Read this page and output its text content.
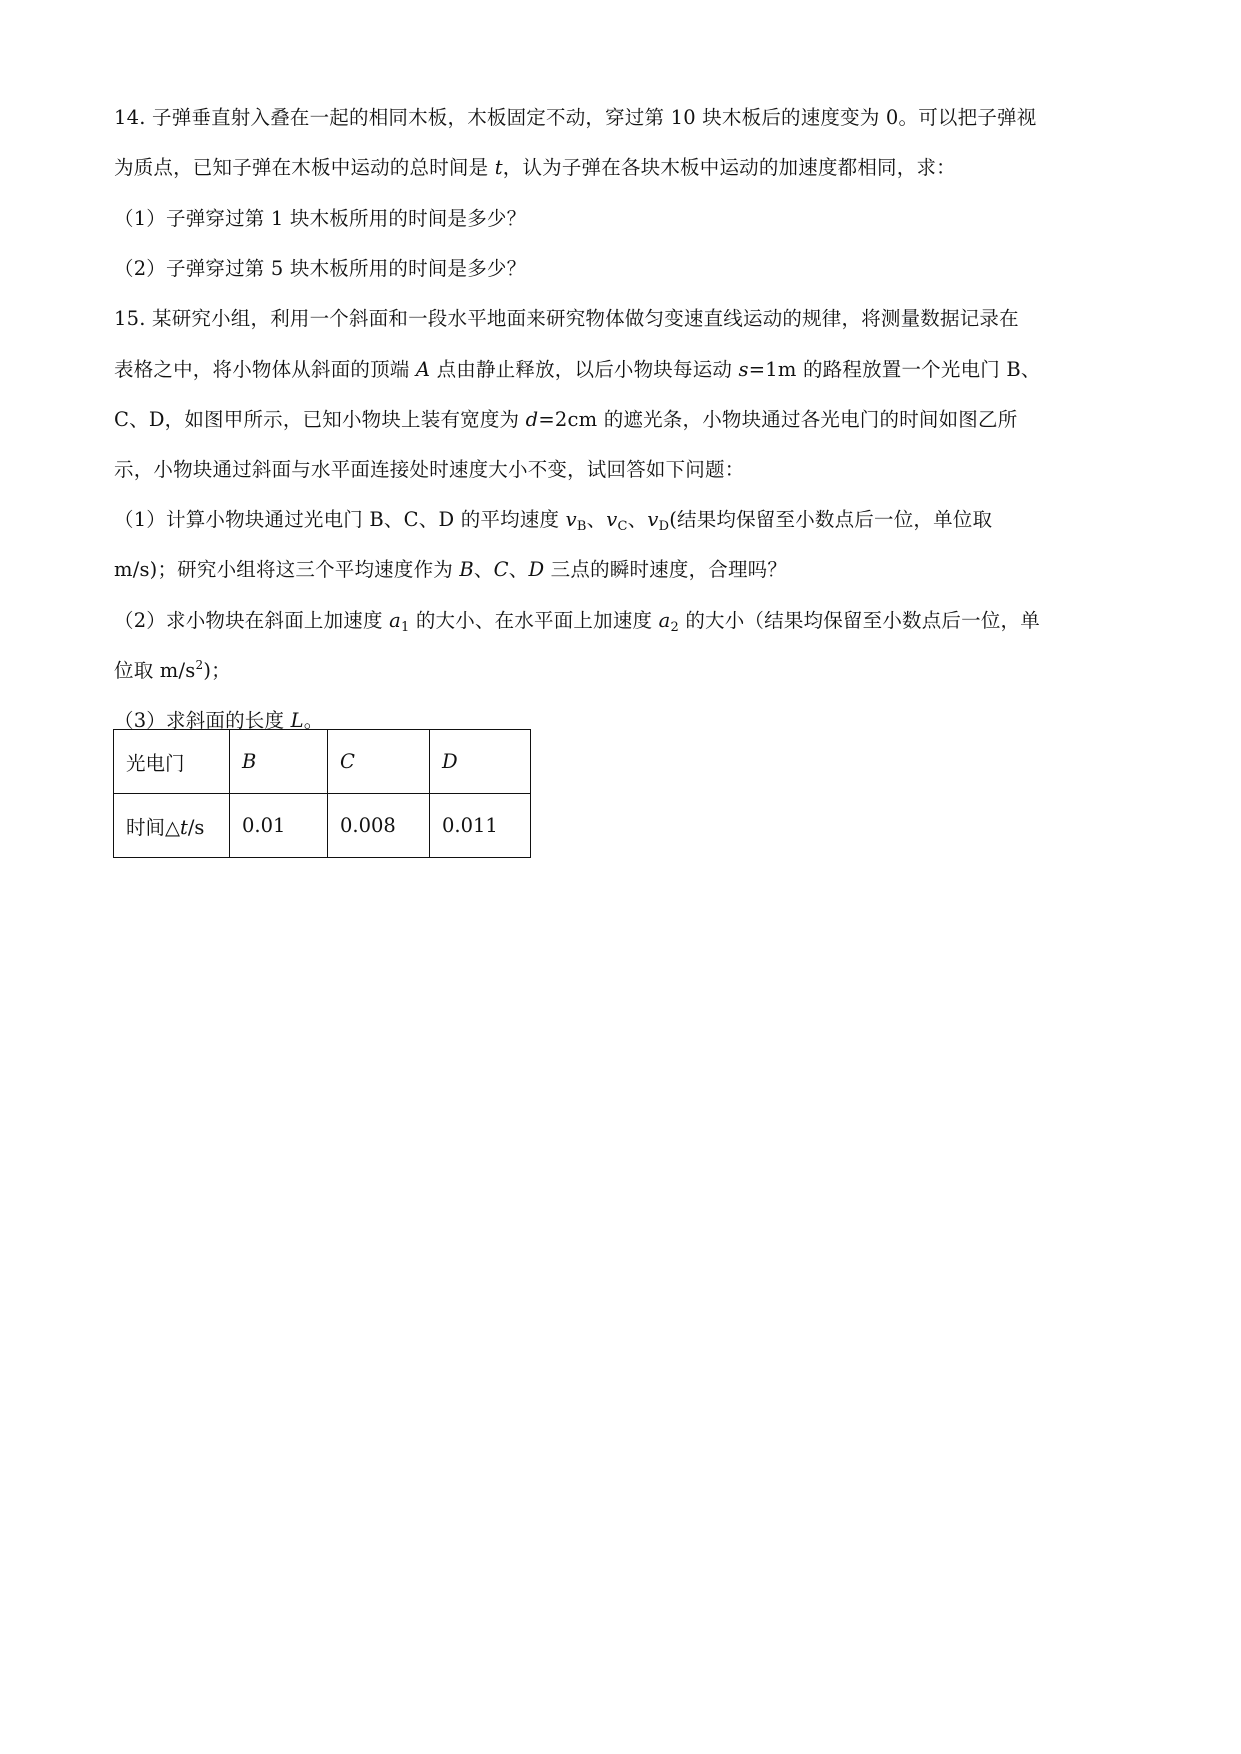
14. 子弹垂直射入叠在一起的相同木板，木板固定不动，穿过第 10 块木板后的速度变为 0。可以把子弹视
为质点，已知子弹在木板中运动的总时间是 t，认为子弹在各块木板中运动的加速度都相同，求：
（1）子弹穿过第 1 块木板所用的时间是多少？
（2）子弹穿过第 5 块木板所用的时间是多少？
15. 某研究小组，利用一个斜面和一段水平地面来研究物体做匀变速直线运动的规律，将测量数据记录在
表格之中，将小物体从斜面的顶端 A 点由静止释放，以后小物块每运动 s=1m 的路程放置一个光电门 B、
C、D，如图甲所示，已知小物块上装有宽度为 d=2cm 的遮光条，小物块通过各光电门的时间如图乙所
示，小物块通过斜面与水平面连接处时速度大小不变，试回答如下问题：
（1）计算小物块通过光电门 B、C、D 的平均速度 $v_B$、$v_C$、$v_D$(结果均保留至小数点后一位，单位取
m/s)；研究小组将这三个平均速度作为 B、C、D 三点的瞬时速度，合理吗？
（2）求小物块在斜面上加速度 $a_1$ 的大小、在水平面上加速度 $a_2$ 的大小（结果均保留至小数点后一位，单
位取 $m/s^2$)；
（3）求斜面的长度 L。
光电门	B	C	D
时间△t/s	0.01	0.008	0.011
